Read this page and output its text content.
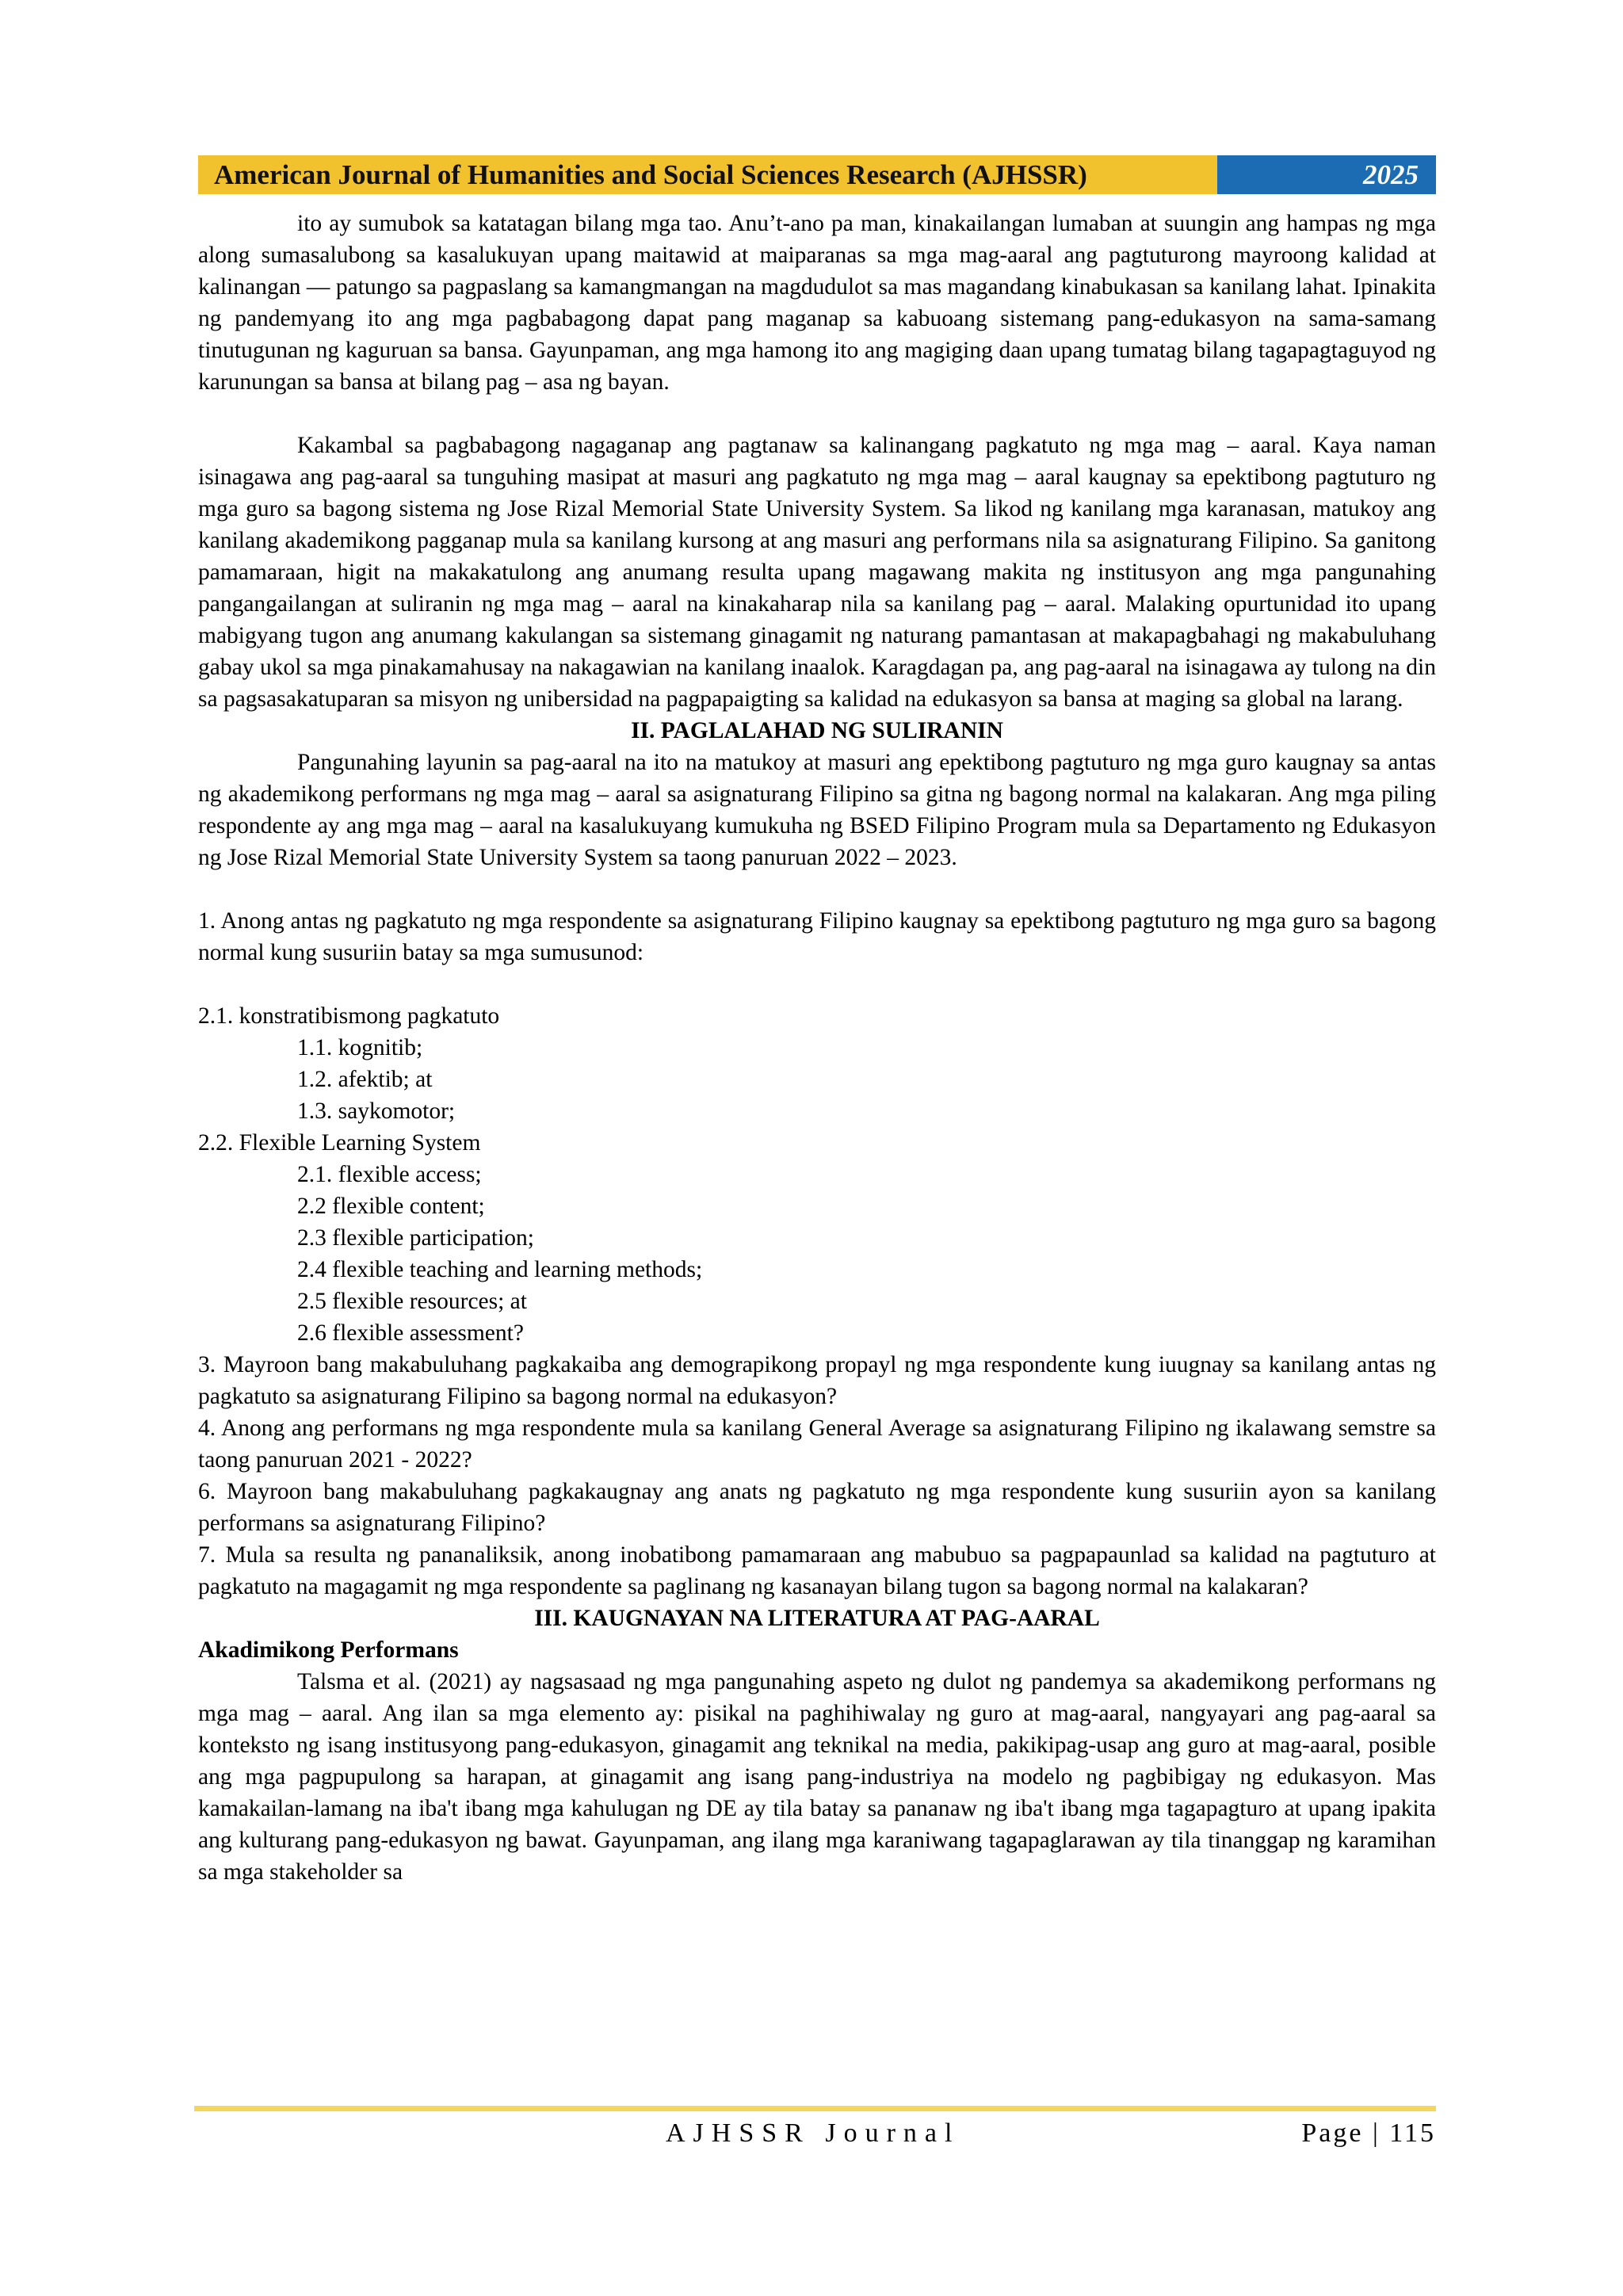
American Journal of Humanities and Social Sciences Research (AJHSSR)	2025

ito ay sumubok sa katatagan bilang mga tao. Anu’t-ano pa man, kinakailangan lumaban at suungin ang hampas ng mga along sumasalubong sa kasalukuyan upang maitawid at maiparanas sa mga mag-aaral ang pagtuturong mayroong kalidad at kalinangan — patungo sa pagpaslang sa kamangmangan na magdudulot sa mas magandang kinabukasan sa kanilang lahat. Ipinakita ng pandemyang ito ang mga pagbabagong dapat pang maganap sa kabuoang sistemang pang-edukasyon na sama-samang tinutugunan ng kaguruan sa bansa. Gayunpaman, ang mga hamong ito ang magiging daan upang tumatag bilang tagapagtaguyod ng karunungan sa bansa at bilang pag – asa ng bayan.

Kakambal sa pagbabagong nagaganap ang pagtanaw sa kalinangang pagkatuto ng mga mag – aaral. Kaya naman isinagawa ang pag-aaral sa tunguhing masipat at masuri ang pagkatuto ng mga mag – aaral kaugnay sa epektibong pagtuturo ng mga guro sa bagong sistema ng Jose Rizal Memorial State University System. Sa likod ng kanilang mga karanasan, matukoy ang kanilang akademikong pagganap mula sa kanilang kursong at ang masuri ang performans nila sa asignaturang Filipino. Sa ganitong pamamaraan, higit na makakatulong ang anumang resulta upang magawang makita ng institusyon ang mga pangunahing pangangailangan at suliranin ng mga mag – aaral na kinakaharap nila sa kanilang pag – aaral. Malaking opurtunidad ito upang mabigyang tugon ang anumang kakulangan sa sistemang ginagamit ng naturang pamantasan at makapagbahagi ng makabuluhang gabay ukol sa mga pinakamahusay na nakagawian na kanilang inaalok. Karagdagan pa, ang pag-aaral na isinagawa ay tulong na din sa pagsasakatuparan sa misyon ng unibersidad na pagpapaigting sa kalidad na edukasyon sa bansa at maging sa global na larang.

II. PAGLALAHAD NG SULIRANIN

Pangunahing layunin sa pag-aaral na ito na matukoy at masuri ang epektibong pagtuturo ng mga guro kaugnay sa antas ng akademikong performans ng mga mag – aaral sa asignaturang Filipino sa gitna ng bagong normal na kalakaran. Ang mga piling respondente ay ang mga mag – aaral na kasalukuyang kumukuha ng BSED Filipino Program mula sa Departamento ng Edukasyon ng Jose Rizal Memorial State University System sa taong panuruan 2022 – 2023.

1. Anong antas ng pagkatuto ng mga respondente sa asignaturang Filipino kaugnay sa epektibong pagtuturo ng mga guro sa bagong normal kung susuriin batay sa mga sumusunod:

2.1. konstratibismong pagkatuto

1.1. kognitib;

1.2. afektib; at

1.3. saykomotor;

2.2. Flexible Learning System

2.1. flexible access;

2.2 flexible content;

2.3 flexible participation;

2.4 flexible teaching and learning methods;

2.5 flexible resources; at

2.6 flexible assessment?

3. Mayroon bang makabuluhang pagkakaiba ang demograpikong propayl ng mga respondente kung iuugnay sa kanilang antas ng pagkatuto sa asignaturang Filipino sa bagong normal na edukasyon?

4. Anong ang performans ng mga respondente mula sa kanilang General Average sa asignaturang Filipino ng ikalawang semstre sa taong panuruan 2021 - 2022?

6. Mayroon bang makabuluhang pagkakaugnay ang anats ng pagkatuto ng mga respondente kung susuriin ayon sa kanilang performans sa asignaturang Filipino?

7. Mula sa resulta ng pananaliksik, anong inobatibong pamamaraan ang mabubuo sa pagpapaunlad sa kalidad na pagtuturo at pagkatuto na magagamit ng mga respondente sa paglinang ng kasanayan bilang tugon sa bagong normal na kalakaran?

III. KAUGNAYAN NA LITERATURA AT PAG-AARAL

Akadimikong Performans

Talsma et al. (2021) ay nagsasaad ng mga pangunahing aspeto ng dulot ng pandemya sa akademikong performans ng mga mag – aaral. Ang ilan sa mga elemento ay: pisikal na paghihiwalay ng guro at mag-aaral, nangyayari ang pag-aaral sa konteksto ng isang institusyong pang-edukasyon, ginagamit ang teknikal na media, pakikipag-usap ang guro at mag-aaral, posible ang mga pagpupulong sa harapan, at ginagamit ang isang pang-industriya na modelo ng pagbibigay ng edukasyon. Mas kamakailan-lamang na iba't ibang mga kahulugan ng DE ay tila batay sa pananaw ng iba't ibang mga tagapagturo at upang ipakita ang kulturang pang-edukasyon ng bawat. Gayunpaman, ang ilang mga karaniwang tagapaglarawan ay tila tinanggap ng karamihan sa mga stakeholder sa

AJHSSR Journal	Page | 115
